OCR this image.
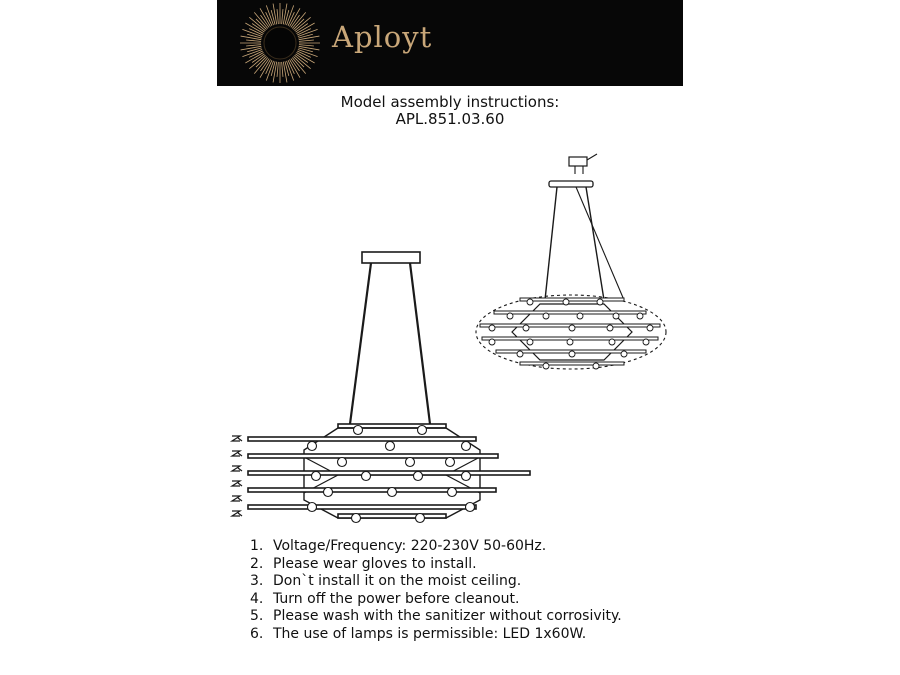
Aployt
Model assembly instructions:
APL.851.03.60
1. Voltage/Frequency: 220-230V 50-60Hz.
2. Please wear gloves to install.
3. Don`t install it on the moist ceiling.
4. Turn off the power before cleanout.
5. Please wash with the sanitizer without corrosivity.
6. The use of lamps is permissible: LED 1x60W.
